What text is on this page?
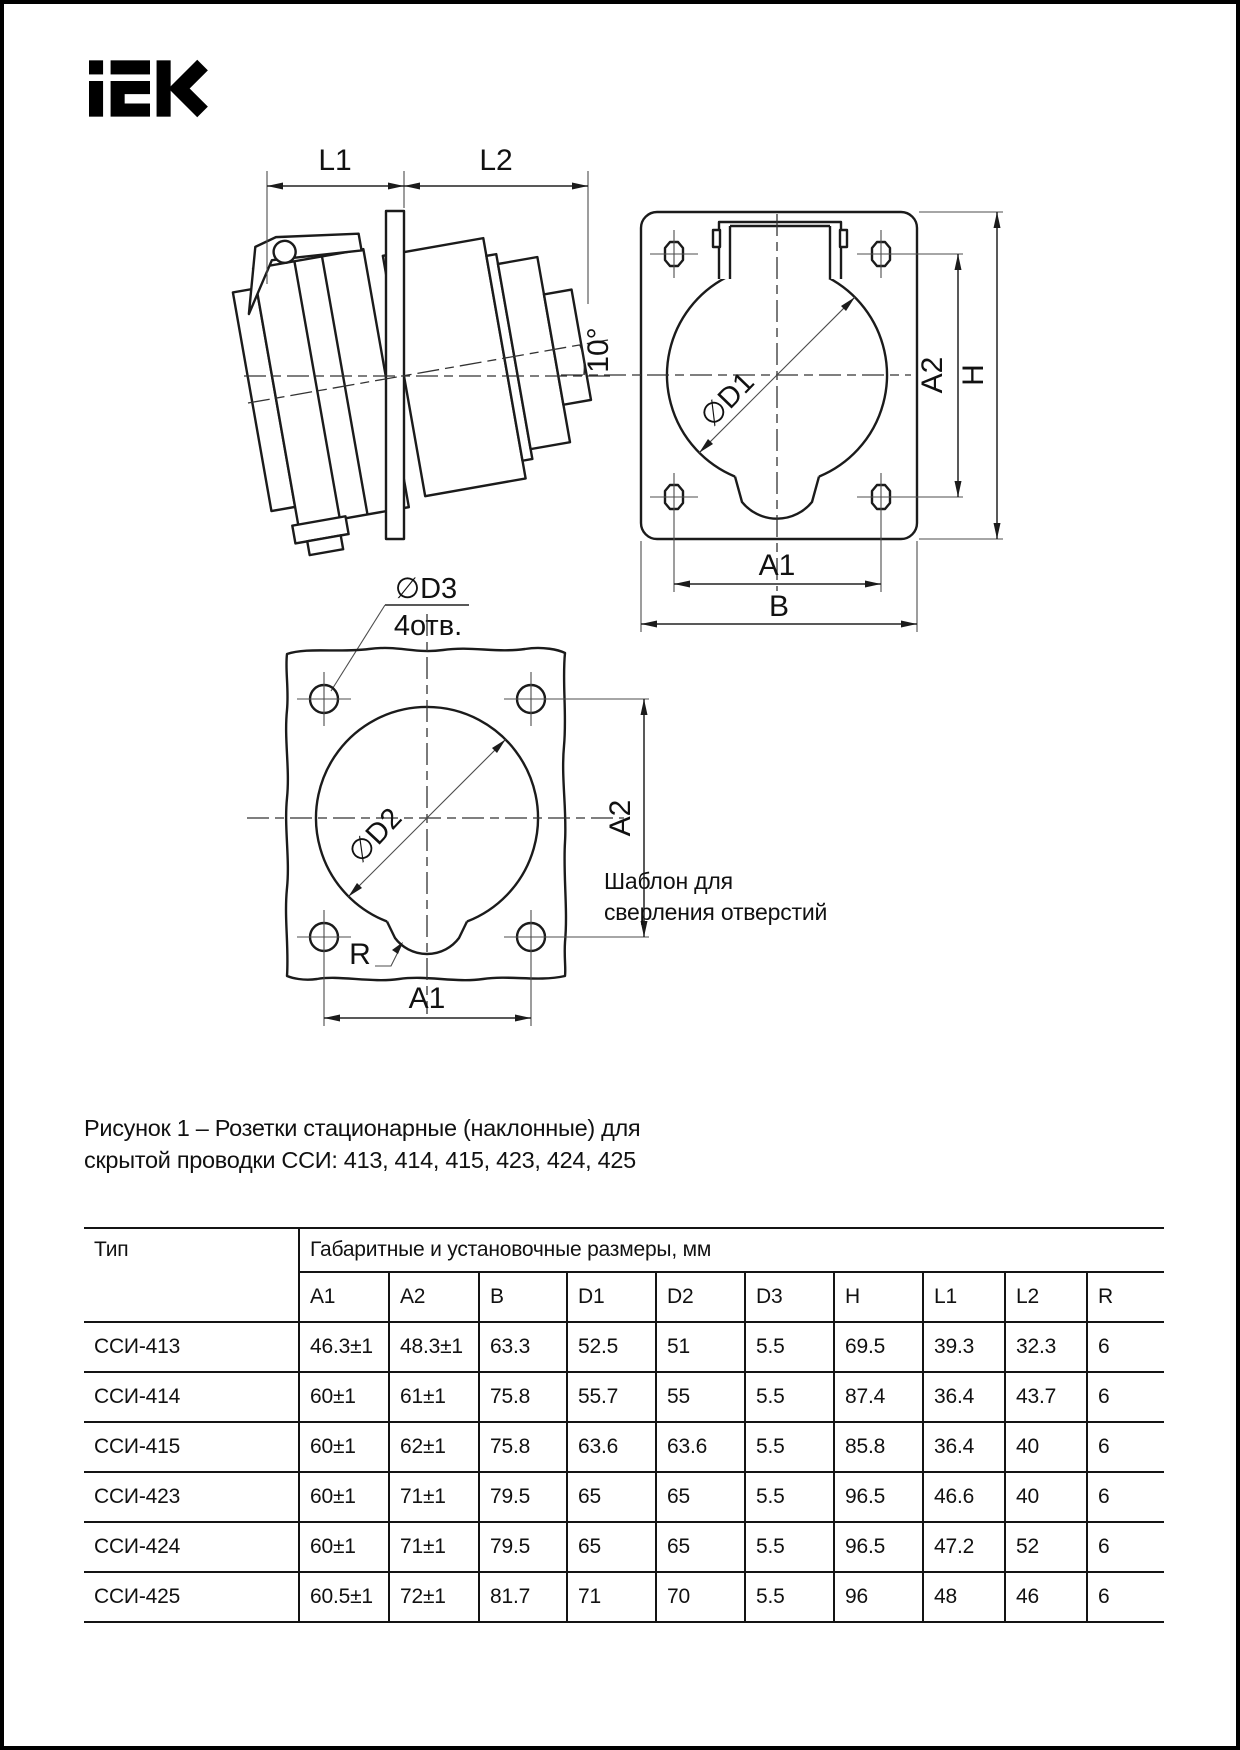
L1	L2
10°
∅D1	A2 H
A1
B
∅D3
4отв.
∅D2	A2
R
A1
Шаблон для
сверления отверстий
Рисунок 1 – Розетки стационарные (наклонные) для
скрытой проводки ССИ: 413, 414, 415, 423, 424, 425
Тип	Габаритные и установочные размеры, мм									
	A1	A2	B	D1	D2	D3	H	L1	L2	R
ССИ-413	46.3±1	48.3±1	63.3	52.5	51	5.5	69.5	39.3	32.3	6
ССИ-414	60±1	61±1	75.8	55.7	55	5.5	87.4	36.4	43.7	6
ССИ-415	60±1	62±1	75.8	63.6	63.6	5.5	85.8	36.4	40	6
ССИ-423	60±1	71±1	79.5	65	65	5.5	96.5	46.6	40	6
ССИ-424	60±1	71±1	79.5	65	65	5.5	96.5	47.2	52	6
ССИ-425	60.5±1	72±1	81.7	71	70	5.5	96	48	46	6
